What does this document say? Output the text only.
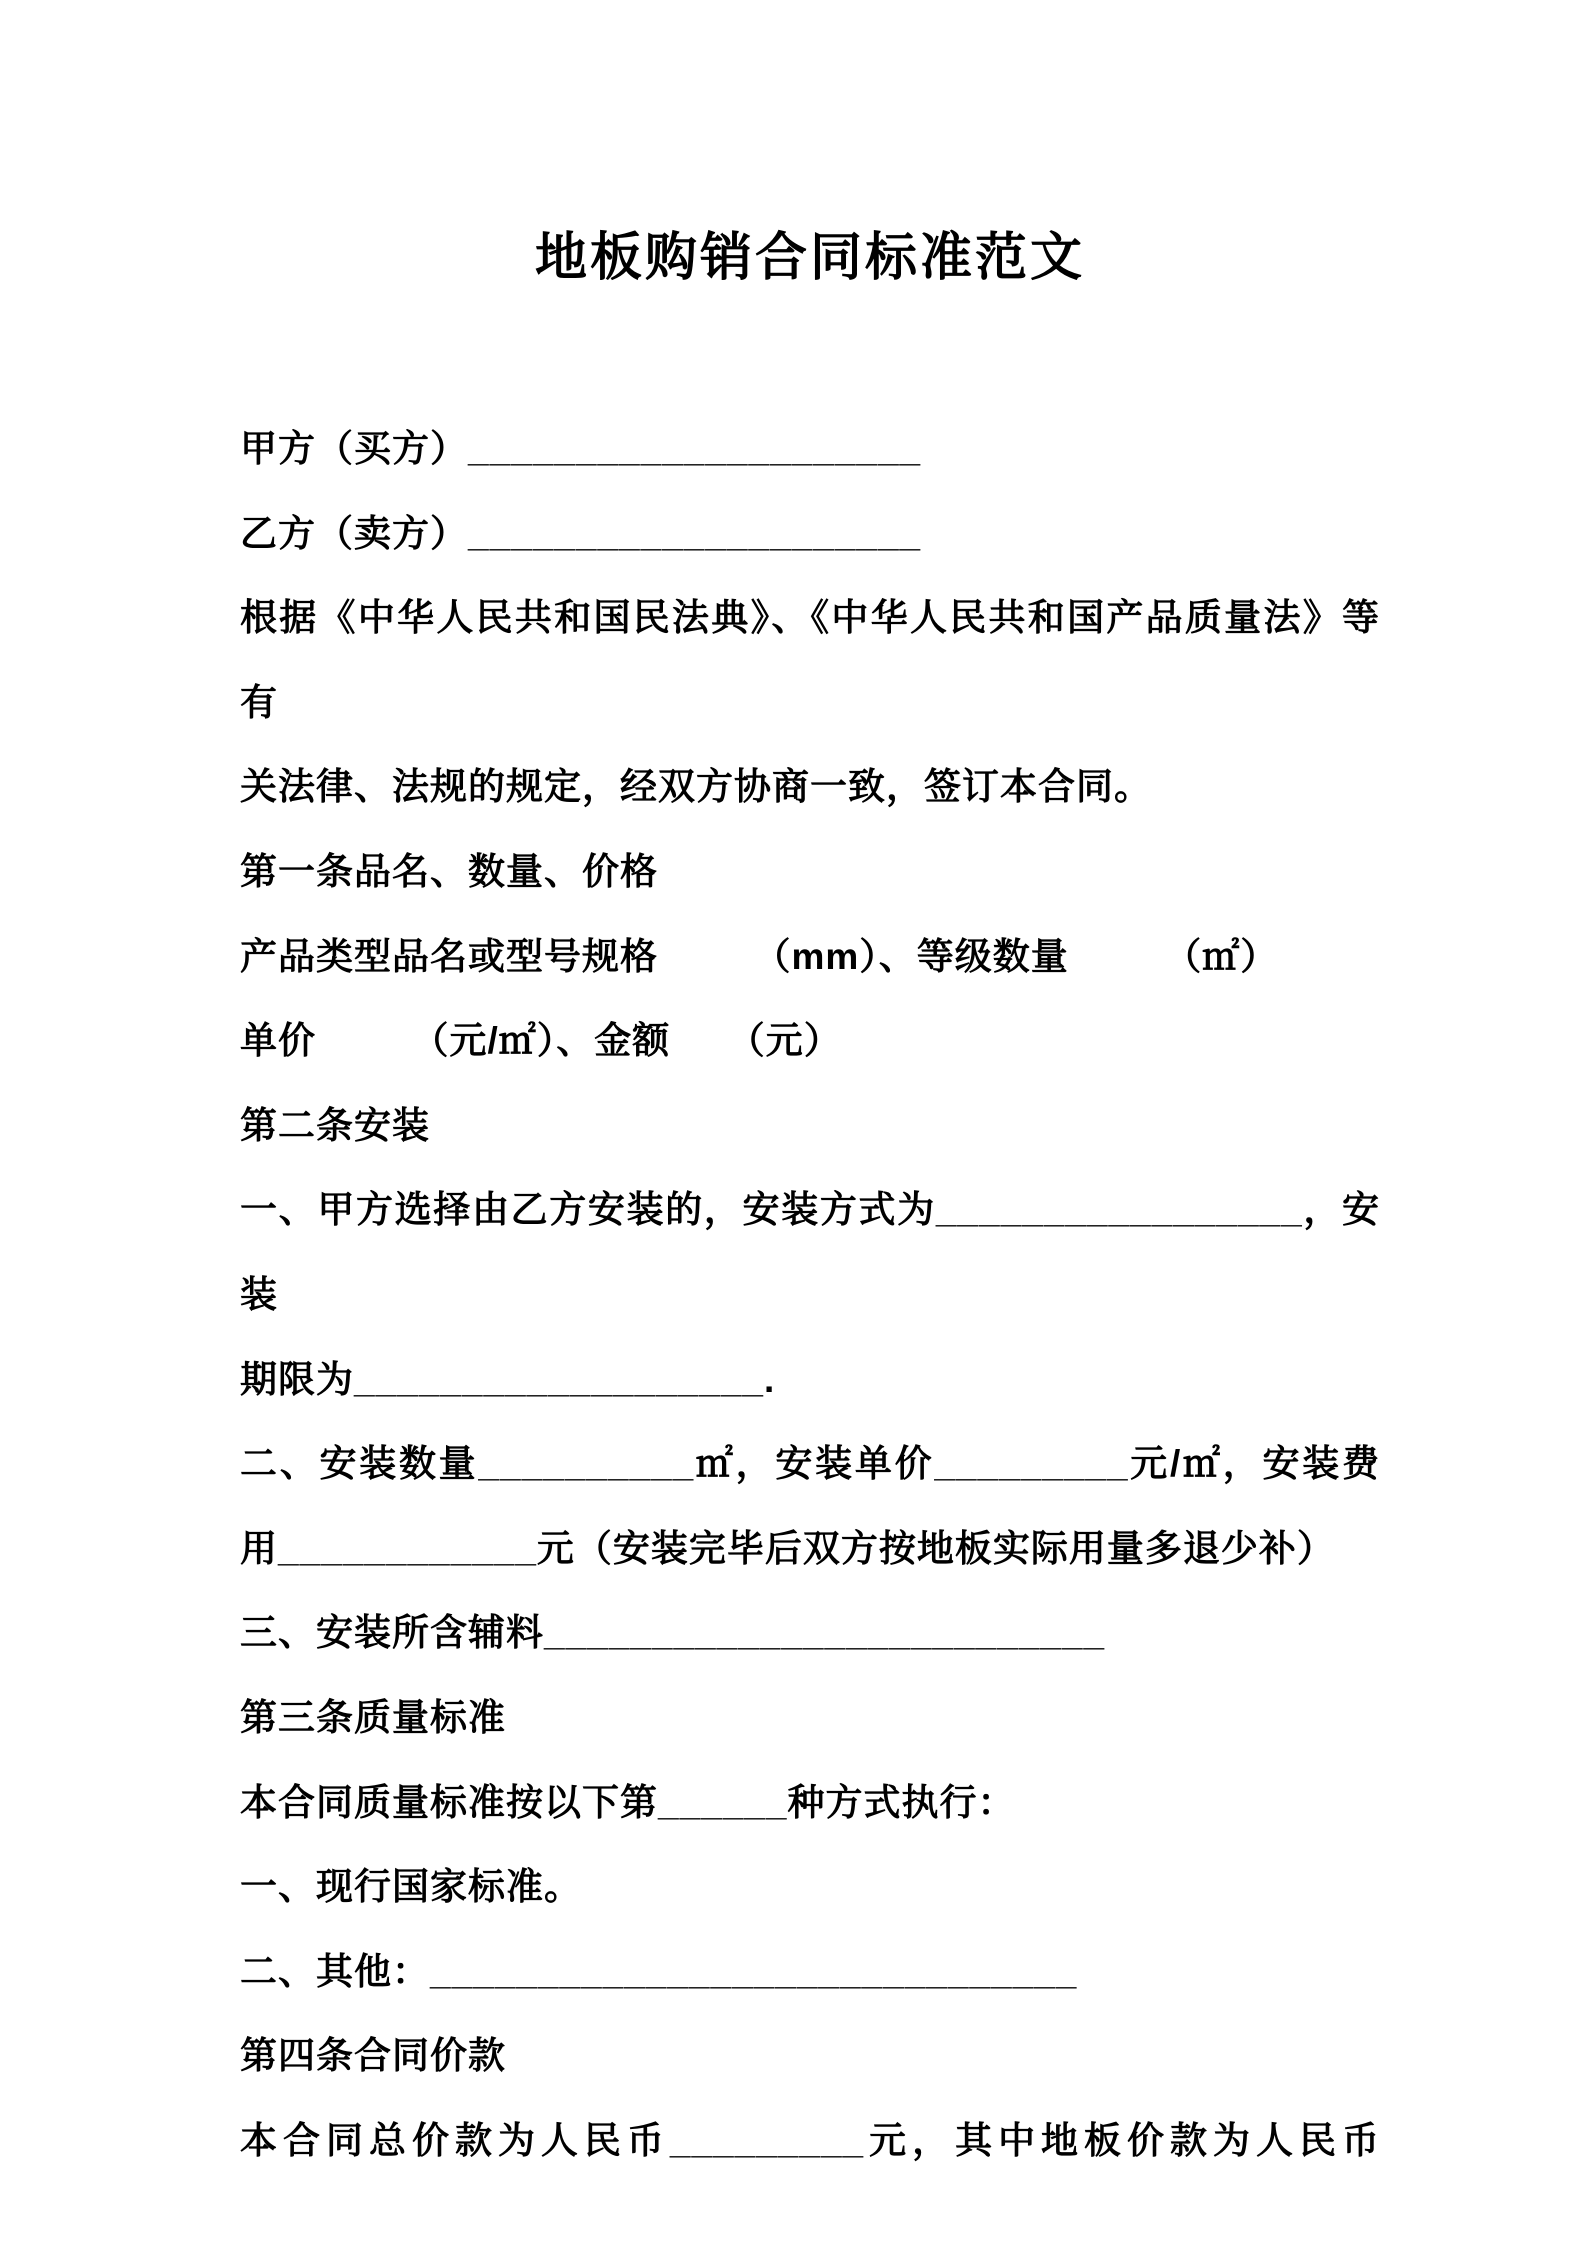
地板购销合同标准范文
甲方（买方）_____________________
乙方（卖方）_____________________
根据《中华人民共和国民法典》、《中华人民共和国产品质量法》等有
关法律、法规的规定，经双方协商一致，签订本合同。
第一条品名、数量、价格
产品类型品名或型号规格　　　（mm）、等级数量　　　（㎡）
单价　　　（元/㎡）、金额　　（元）
第二条安装
一、甲方选择由乙方安装的，安装方式为_________________，安装
期限为___________________.
二、安装数量__________㎡，安装单价_________元/㎡，安装费
用____________元（安装完毕后双方按地板实际用量多退少补）
三、安装所含辅料__________________________
第三条质量标准
本合同质量标准按以下第______种方式执行：
一、现行国家标准。
二、其他：______________________________
第四条合同价款
本合同总价款为人民币_________元，其中地板价款为人民币
